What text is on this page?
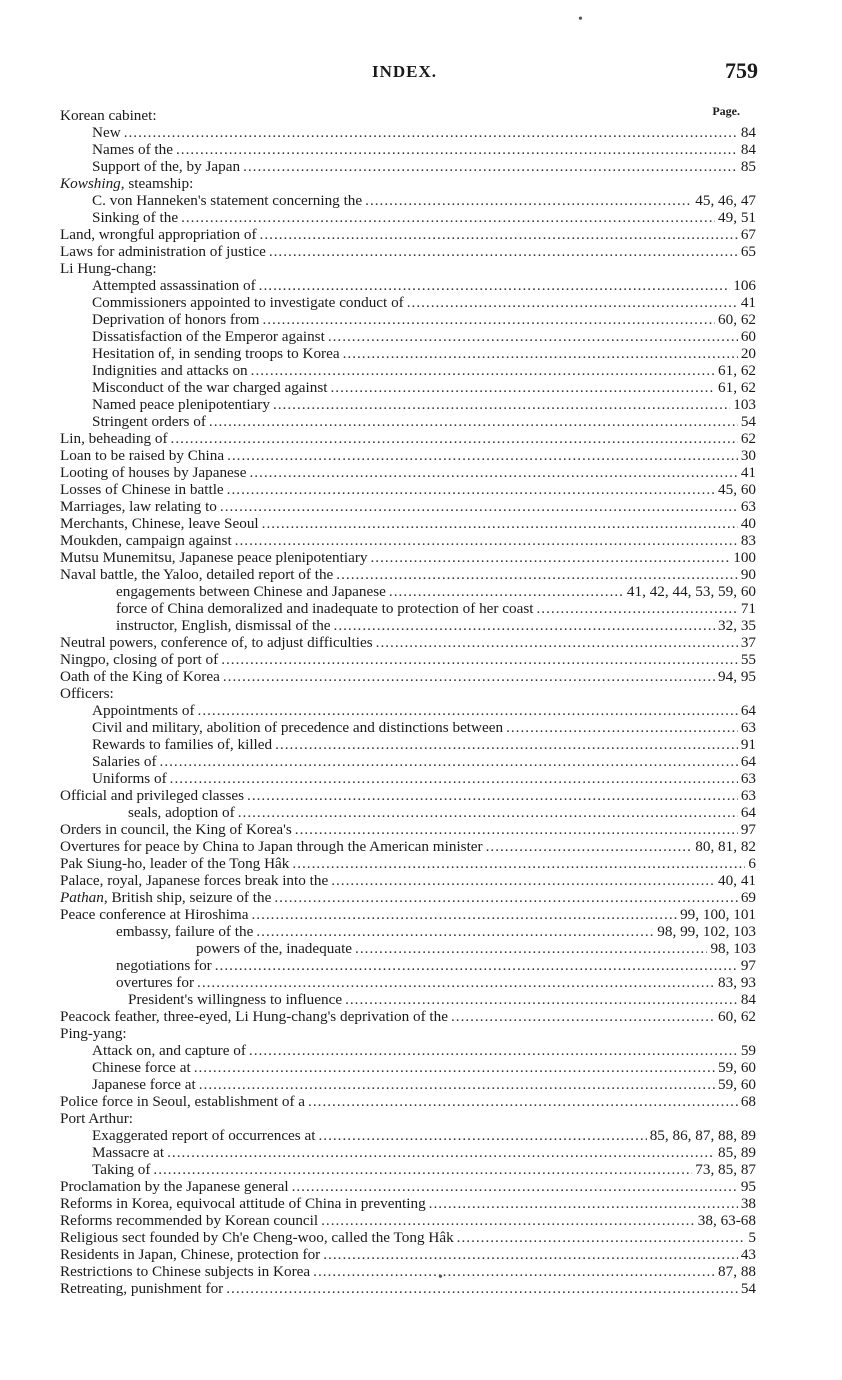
INDEX.	759
Page.
Korean cabinet:
New .....	84
Names of the .....	84
Support of the, by Japan .....	85
Kowshing, steamship:
C. von Hanneken's statement concerning the .....	45, 46, 47
Sinking of the .....	49, 51
Land, wrongful appropriation of .....	67
Laws for administration of justice .....	65
Li Hung-chang:
Attempted assassination of .....	106
Commissioners appointed to investigate conduct of .....	41
Deprivation of honors from .....	60, 62
Dissatisfaction of the Emperor against .....	60
Hesitation of, in sending troops to Korea .....	20
Indignities and attacks on .....	61, 62
Misconduct of the war charged against .....	61, 62
Named peace plenipotentiary .....	103
Stringent orders of .....	54
Lin, beheading of .....	62
Loan to be raised by China .....	30
Looting of houses by Japanese .....	41
Losses of Chinese in battle .....	45, 60
Marriages, law relating to .....	63
Merchants, Chinese, leave Seoul .....	40
Moukden, campaign against .....	83
Mutsu Munemitsu, Japanese peace plenipotentiary .....	100
Naval battle, the Yaloo, detailed report of the .....	90
engagements between Chinese and Japanese .....	41, 42, 44, 53, 59, 60
force of China demoralized and inadequate to protection of her coast .....	71
instructor, English, dismissal of the .....	32, 35
Neutral powers, conference of, to adjust difficulties .....	37
Ningpo, closing of port of .....	55
Oath of the King of Korea .....	94, 95
Officers:
Appointments of .....	64
Civil and military, abolition of precedence and distinctions between .....	63
Rewards to families of, killed .....	91
Salaries of .....	64
Uniforms of .....	63
Official and privileged classes .....	63
seals, adoption of .....	64
Orders in council, the King of Korea's .....	97
Overtures for peace by China to Japan through the American minister .....	80, 81, 82
Pak Siung-ho, leader of the Tong Hâk .....	6
Palace, royal, Japanese forces break into the .....	40, 41
Pathan, British ship, seizure of the .....	69
Peace conference at Hiroshima .....	99, 100, 101
embassy, failure of the .....	98, 99, 102, 103
powers of the, inadequate .....	98, 103
negotiations for .....	97
overtures for .....	83, 93
President's willingness to influence .....	84
Peacock feather, three-eyed, Li Hung-chang's deprivation of the .....	60, 62
Ping-yang:
Attack on, and capture of .....	59
Chinese force at .....	59, 60
Japanese force at .....	59, 60
Police force in Seoul, establishment of a .....	68
Port Arthur:
Exaggerated report of occurrences at .....	85, 86, 87, 88, 89
Massacre at .....	85, 89
Taking of .....	73, 85, 87
Proclamation by the Japanese general .....	95
Reforms in Korea, equivocal attitude of China in preventing .....	38
Reforms recommended by Korean council .....	38, 63-68
Religious sect founded by Ch'e Cheng-woo, called the Tong Hâk .....	5
Residents in Japan, Chinese, protection for .....	43
Restrictions to Chinese subjects in Korea .....	87, 88
Retreating, punishment for .....	54
•
•
